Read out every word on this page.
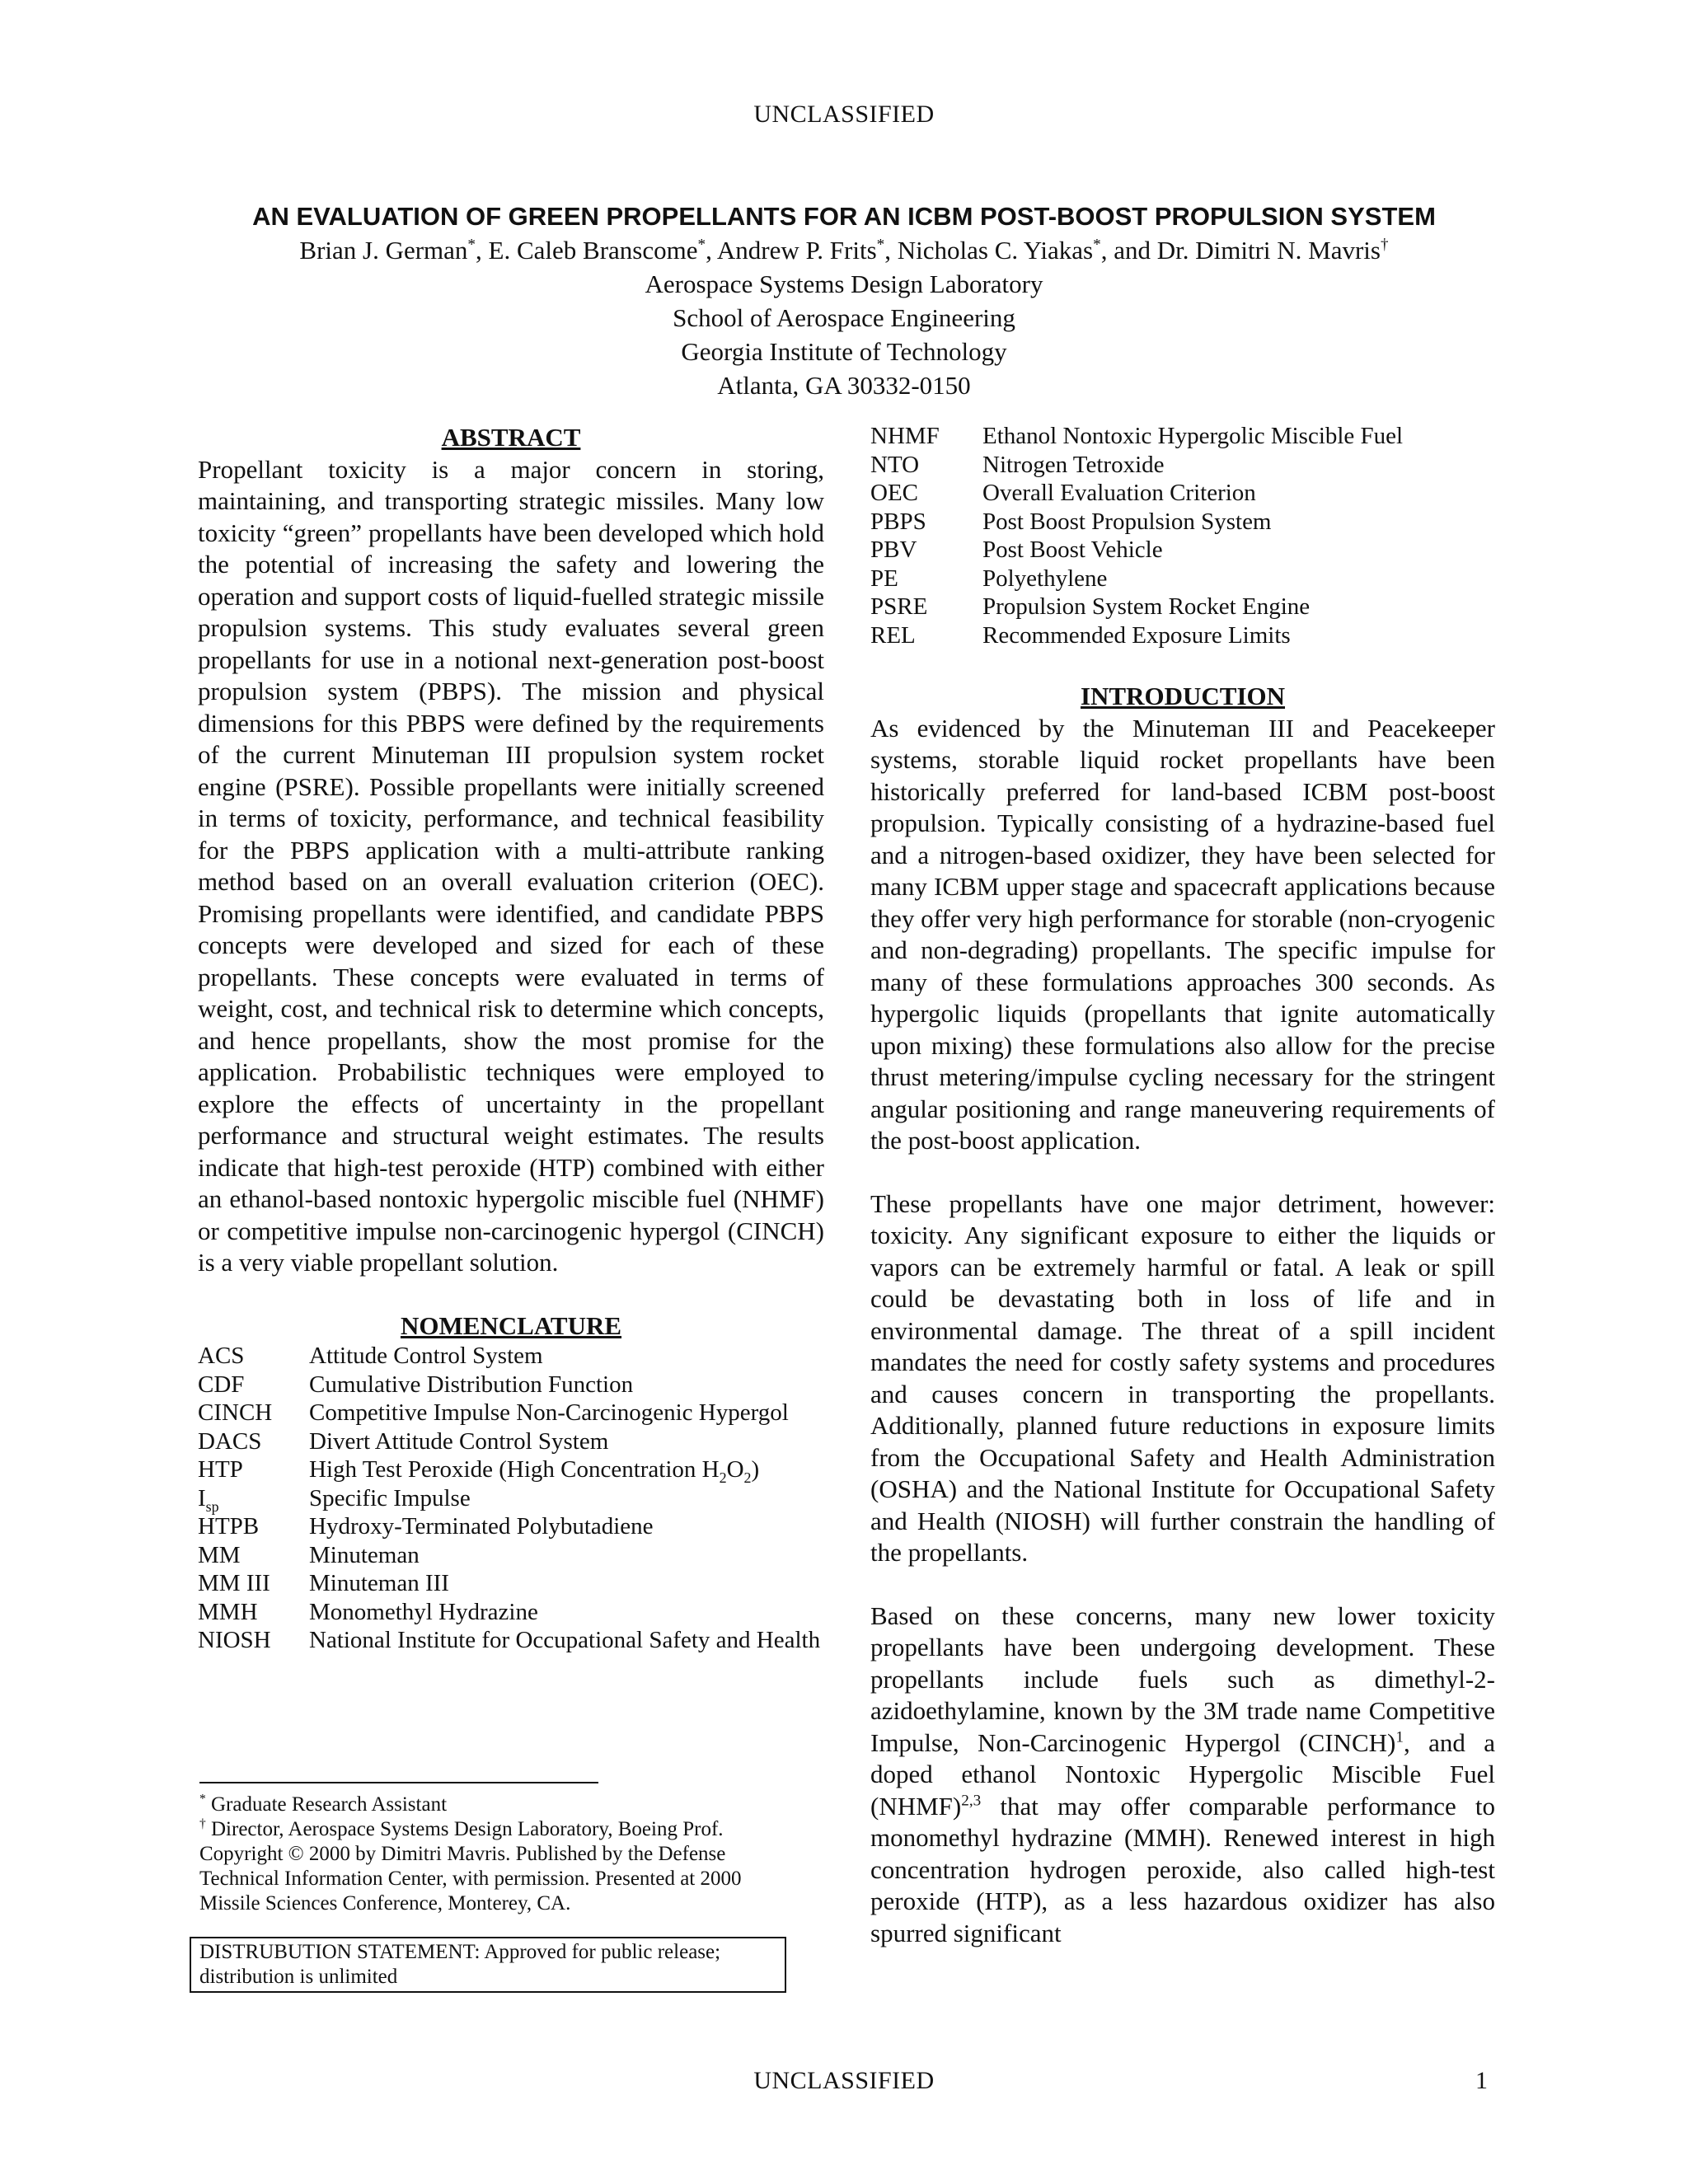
UNCLASSIFIED
AN EVALUATION OF GREEN PROPELLANTS FOR AN ICBM POST-BOOST PROPULSION SYSTEM
Brian J. German*, E. Caleb Branscome*, Andrew P. Frits*, Nicholas C. Yiakas*, and Dr. Dimitri N. Mavris†
Aerospace Systems Design Laboratory
School of Aerospace Engineering
Georgia Institute of Technology
Atlanta, GA 30332-0150
ABSTRACT

Propellant toxicity is a major concern in storing, maintaining, and transporting strategic missiles. Many low toxicity “green” propellants have been developed which hold the potential of increasing the safety and lowering the operation and support costs of liquid-fuelled strategic missile propulsion systems. This study evaluates several green propellants for use in a notional next-generation post-boost propulsion system (PBPS). The mission and physical dimensions for this PBPS were defined by the requirements of the current Minuteman III propulsion system rocket engine (PSRE). Possible propellants were initially screened in terms of toxicity, performance, and technical feasibility for the PBPS application with a multi-attribute ranking method based on an overall evaluation criterion (OEC). Promising propellants were identified, and candidate PBPS concepts were developed and sized for each of these propellants. These concepts were evaluated in terms of weight, cost, and technical risk to determine which concepts, and hence propellants, show the most promise for the application. Probabilistic techniques were employed to explore the effects of uncertainty in the propellant performance and structural weight estimates. The results indicate that high-test peroxide (HTP) combined with either an ethanol-based nontoxic hypergolic miscible fuel (NHMF) or competitive impulse non-carcinogenic hypergol (CINCH) is a very viable propellant solution.

NOMENCLATURE
ACS	Attitude Control System
CDF	Cumulative Distribution Function
CINCH	Competitive Impulse Non-Carcinogenic Hypergol
DACS	Divert Attitude Control System
HTP	High Test Peroxide (High Concentration $H_2O_2$)
$I_{sp}$	Specific Impulse
HTPB	Hydroxy-Terminated Polybutadiene
MM	Minuteman
MM III	Minuteman III
MMH	Monomethyl Hydrazine
NIOSH	National Institute for Occupational Safety and Health
NHMF	Ethanol Nontoxic Hypergolic Miscible Fuel
NTO	Nitrogen Tetroxide
OEC	Overall Evaluation Criterion
PBPS	Post Boost Propulsion System
PBV	Post Boost Vehicle
PE	Polyethylene
PSRE	Propulsion System Rocket Engine
REL	Recommended Exposure Limits
INTRODUCTION

As evidenced by the Minuteman III and Peacekeeper systems, storable liquid rocket propellants have been historically preferred for land-based ICBM post-boost propulsion. Typically consisting of a hydrazine-based fuel and a nitrogen-based oxidizer, they have been selected for many ICBM upper stage and spacecraft applications because they offer very high performance for storable (non-cryogenic and non-degrading) propellants. The specific impulse for many of these formulations approaches 300 seconds. As hypergolic liquids (propellants that ignite automatically upon mixing) these formulations also allow for the precise thrust metering/impulse cycling necessary for the stringent angular positioning and range maneuvering requirements of the post-boost application.

These propellants have one major detriment, however: toxicity. Any significant exposure to either the liquids or vapors can be extremely harmful or fatal. A leak or spill could be devastating both in loss of life and in environmental damage. The threat of a spill incident mandates the need for costly safety systems and procedures and causes concern in transporting the propellants. Additionally, planned future reductions in exposure limits from the Occupational Safety and Health Administration (OSHA) and the National Institute for Occupational Safety and Health (NIOSH) will further constrain the handling of the propellants.

Based on these concerns, many new lower toxicity propellants have been undergoing development. These propellants include fuels such as dimethyl-2-azidoethylamine, known by the 3M trade name Competitive Impulse, Non-Carcinogenic Hypergol (CINCH)$^1$, and a doped ethanol Nontoxic Hypergolic Miscible Fuel (NHMF)$^{2,3}$ that may offer comparable performance to monomethyl hydrazine (MMH). Renewed interest in high concentration hydrogen peroxide, also called high-test peroxide (HTP), as a less hazardous oxidizer has also spurred significant

* Graduate Research Assistant

† Director, Aerospace Systems Design Laboratory, Boeing Prof.

Copyright © 2000 by Dimitri Mavris. Published by the Defense Technical Information Center, with permission. Presented at 2000 Missile Sciences Conference, Monterey, CA.

DISTRUBUTION STATEMENT: Approved for public release; distribution is unlimited
UNCLASSIFIED	1
